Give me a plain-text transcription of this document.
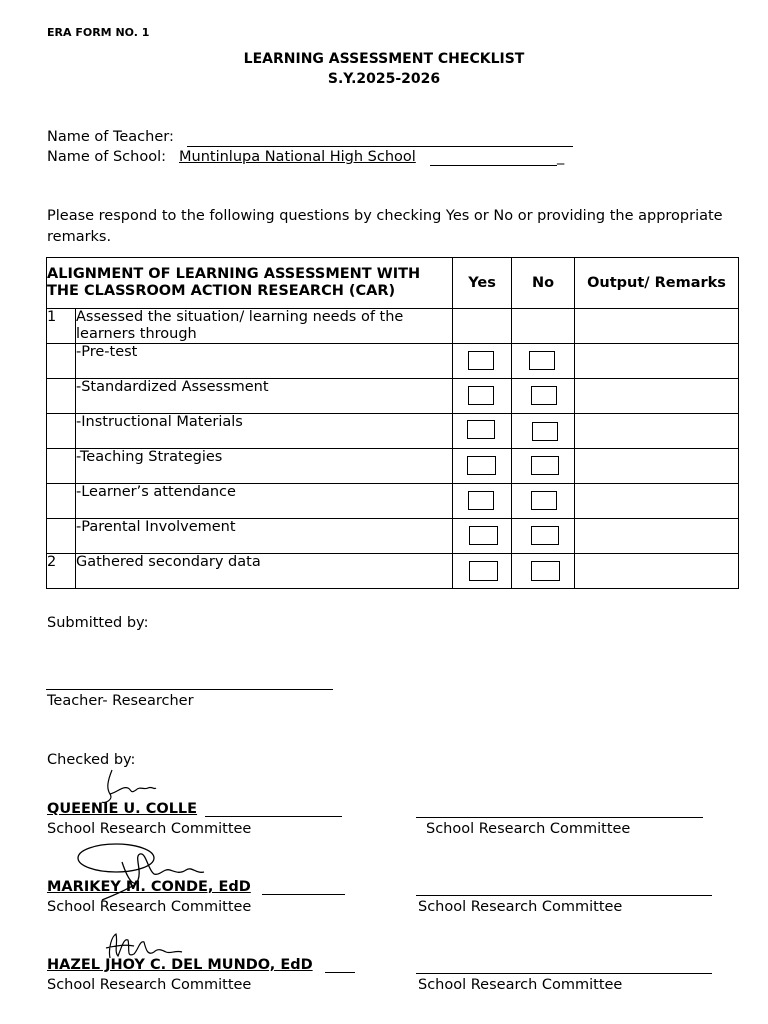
ERA FORM NO. 1
LEARNING ASSESSMENT CHECKLIST
S.Y.2025-2026
Name of Teacher:
Name of School: Muntinlupa National High School	_
Please respond to the following questions by checking Yes or No or providing the appropriate remarks.
ALIGNMENT OF LEARNING ASSESSMENT WITH THE CLASSROOM ACTION RESEARCH (CAR)		Yes	No	Output/ Remarks
1	Assessed the situation/ learning needs of the learners through			
	-Pre-test	

	-Standardized Assessment	

	-Instructional Materials	

	-Teaching Strategies	

	-Learner’s attendance	

	-Parental Involvement	

2	Gathered secondary data	

Submitted by:
Teacher- Researcher
Checked by:
QUEENIE U. COLLE
School Research Committee	School Research Committee
MARIKEY M. CONDE, EdD
School Research Committee	School Research Committee
HAZEL JHOY C. DEL MUNDO, EdD
School Research Committee	School Research Committee
